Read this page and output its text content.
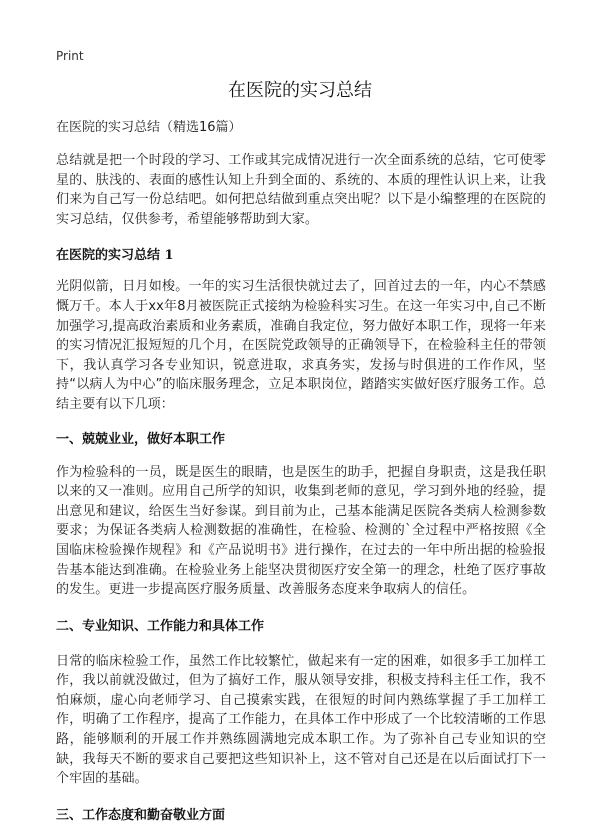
Print
在医院的实习总结

在医院的实习总结（精选16篇）

总结就是把一个时段的学习、工作或其完成情况进行一次全面系统的总结，它可使零星的、肤浅的、表面的感性认知上升到全面的、系统的、本质的理性认识上来，让我们来为自己写一份总结吧。如何把总结做到重点突出呢？以下是小编整理的在医院的实习总结，仅供参考，希望能够帮助到大家。

在医院的实习总结 1

光阴似箭，日月如梭。一年的实习生活很快就过去了，回首过去的一年，内心不禁感慨万千。本人于xx年8月被医院正式接纳为检验科实习生。在这一年实习中,自己不断加强学习,提高政治素质和业务素质，准确自我定位，努力做好本职工作，现将一年来的实习情况汇报短短的几个月，在医院党政领导的正确领导下，在检验科主任的带领下，我认真学习各专业知识，锐意进取，求真务实，发扬与时俱进的工作作风，坚持“以病人为中心”的临床服务理念，立足本职岗位，踏踏实实做好医疗服务工作。总结主要有以下几项：

一、兢兢业业，做好本职工作

作为检验科的一员，既是医生的眼睛，也是医生的助手，把握自身职责，这是我任职以来的又一准则。应用自己所学的知识，收集到老师的意见，学习到外地的经验，提出意见和建议，给医生当好参谋。到目前为止，己基本能满足医院各类病人检测参数要求；为保证各类病人检测数据的准确性，在检验、检测的`全过程中严格按照《全国临床检验操作规程》和《产品说明书》进行操作，在过去的一年中所出据的检验报告基本能达到准确。在检验业务上能坚决贯彻医疗安全第一的理念，杜绝了医疗事故的发生。更进一步提高医疗服务质量、改善服务态度来争取病人的信任。

二、专业知识、工作能力和具体工作

日常的临床检验工作，虽然工作比较繁忙，做起来有一定的困难，如很多手工加样工作，我以前就没做过，但为了搞好工作，服从领导安排，积极支持科主任工作，我不怕麻烦，虚心向老师学习、自己摸索实践，在很短的时间内熟练掌握了手工加样工作，明确了工作程序，提高了工作能力，在具体工作中形成了一个比较清晰的工作思路，能够顺利的开展工作并熟练圆满地完成本职工作。为了弥补自己专业知识的空缺，我每天不断的要求自己要把这些知识补上，这不管对自己还是在以后面试打下一个牢固的基础。

三、工作态度和勤奋敬业方面
